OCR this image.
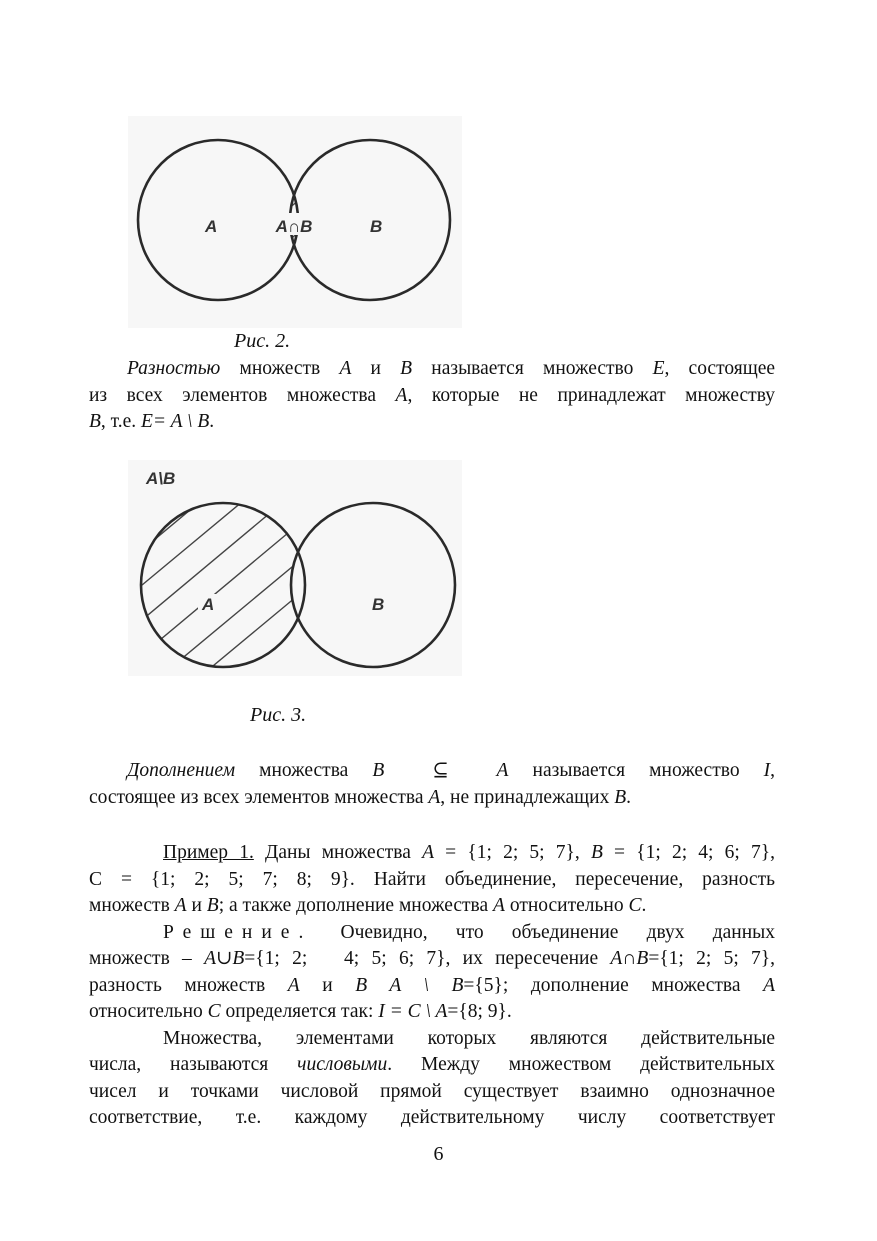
A	A∩B	B
Рис. 2.
Разностью множеств A и B называется множество E, состоящее
из всех элементов множества A, которые не принадлежат множеству
B, т.е. E= A \ B.
A\B
A	B
Рис. 3.
Дополнением множества B  ⊆  A называется множество I,
состоящее из всех элементов множества A, не принадлежащих B.
Пример 1. Даны множества A = {1; 2; 5; 7}, B = {1; 2; 4; 6; 7},
C = {1; 2; 5; 7; 8; 9}. Найти объединение, пересечение, разность
множеств A и B; а также дополнение множества A относительно C.
Решение. Очевидно, что объединение двух данных
множеств – A∪B={1; 2;   4; 5; 6; 7}, их пересечение A∩B={1; 2; 5; 7},
разность множеств A и B A \ B={5}; дополнение множества A
относительно C определяется так: I = C \ A={8; 9}.
Множества, элементами которых являются действительные
числа, называются числовыми. Между множеством действительных
чисел и точками числовой прямой существует взаимно однозначное
соответствие, т.е. каждому действительному числу соответствует
6
